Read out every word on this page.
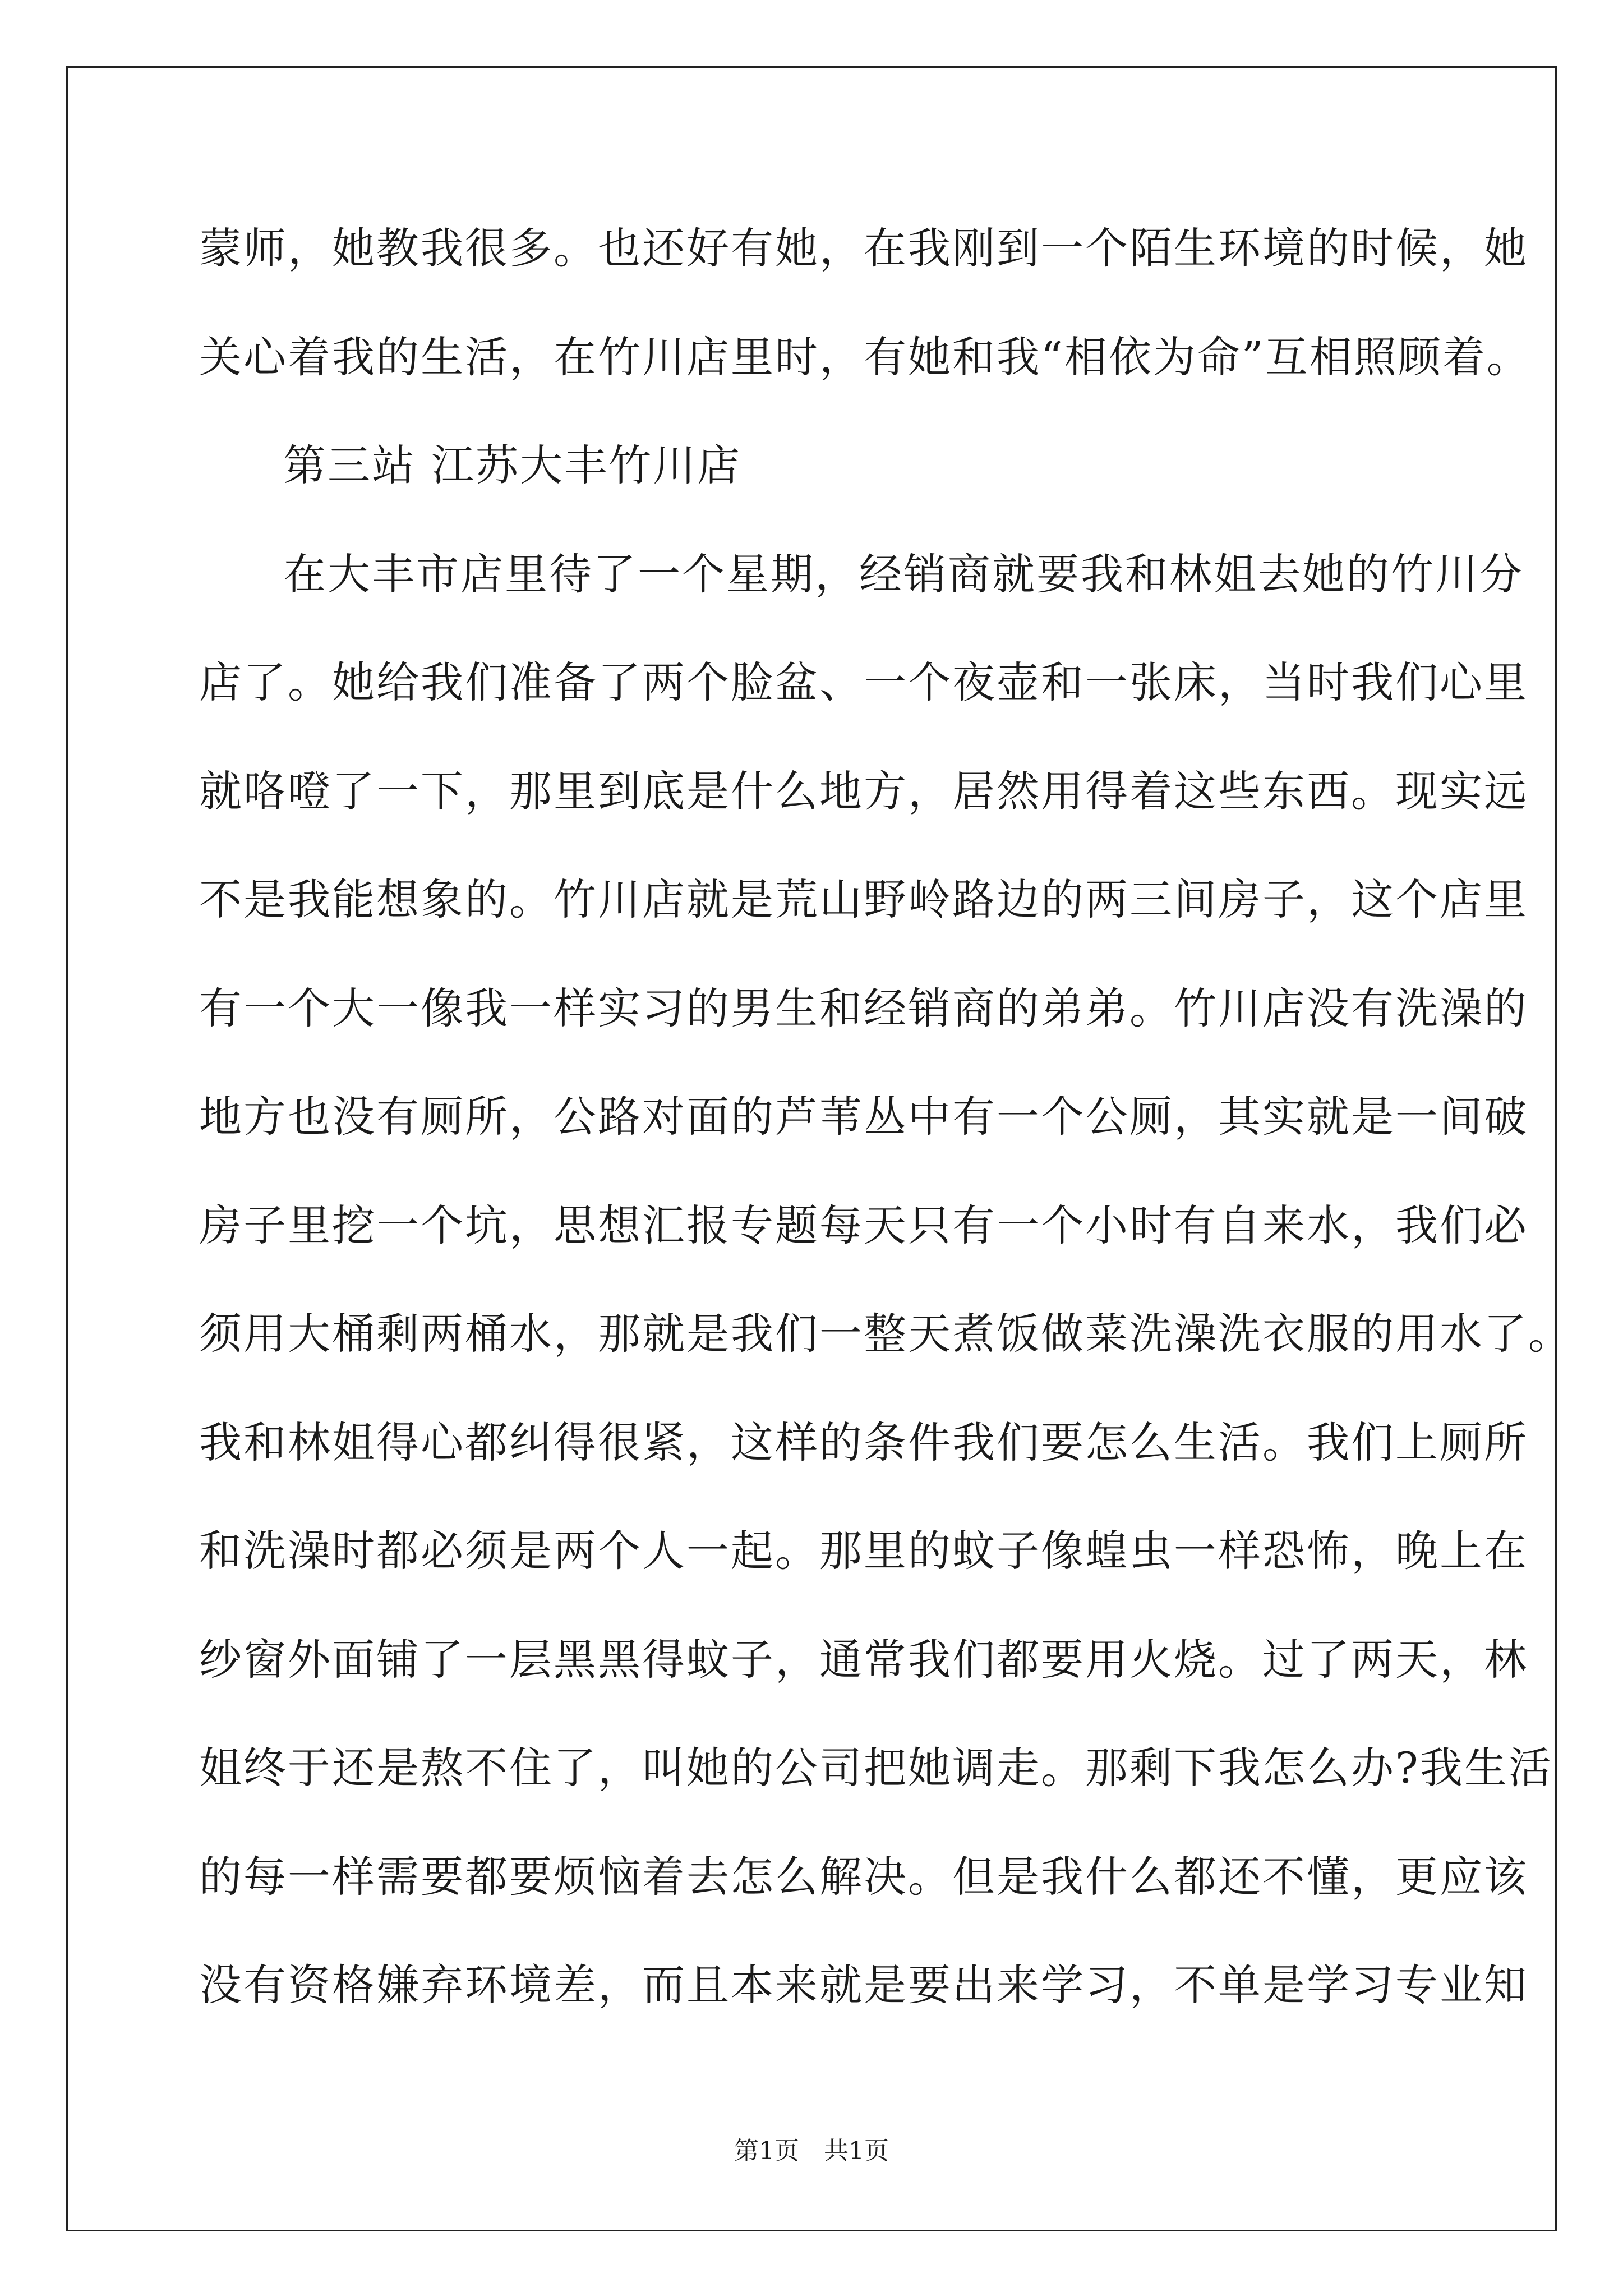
蒙师，她教我很多。也还好有她，在我刚到一个陌生环境的时候，她
关心着我的生活，在竹川店里时，有她和我“相依为命”互相照顾着。
第三站 江苏大丰竹川店
在大丰市店里待了一个星期，经销商就要我和林姐去她的竹川分
店了。她给我们准备了两个脸盆、一个夜壶和一张床，当时我们心里
就咯噔了一下，那里到底是什么地方，居然用得着这些东西。现实远
不是我能想象的。竹川店就是荒山野岭路边的两三间房子，这个店里
有一个大一像我一样实习的男生和经销商的弟弟。竹川店没有洗澡的
地方也没有厕所，公路对面的芦苇丛中有一个公厕，其实就是一间破
房子里挖一个坑，思想汇报专题每天只有一个小时有自来水，我们必
须用大桶剩两桶水，那就是我们一整天煮饭做菜洗澡洗衣服的用水了。
我和林姐得心都纠得很紧，这样的条件我们要怎么生活。我们上厕所
和洗澡时都必须是两个人一起。那里的蚊子像蝗虫一样恐怖，晚上在
纱窗外面铺了一层黑黑得蚊子，通常我们都要用火烧。过了两天，林
姐终于还是熬不住了，叫她的公司把她调走。那剩下我怎么办?我生活
的每一样需要都要烦恼着去怎么解决。但是我什么都还不懂，更应该
没有资格嫌弃环境差，而且本来就是要出来学习，不单是学习专业知
第1页　共1页
